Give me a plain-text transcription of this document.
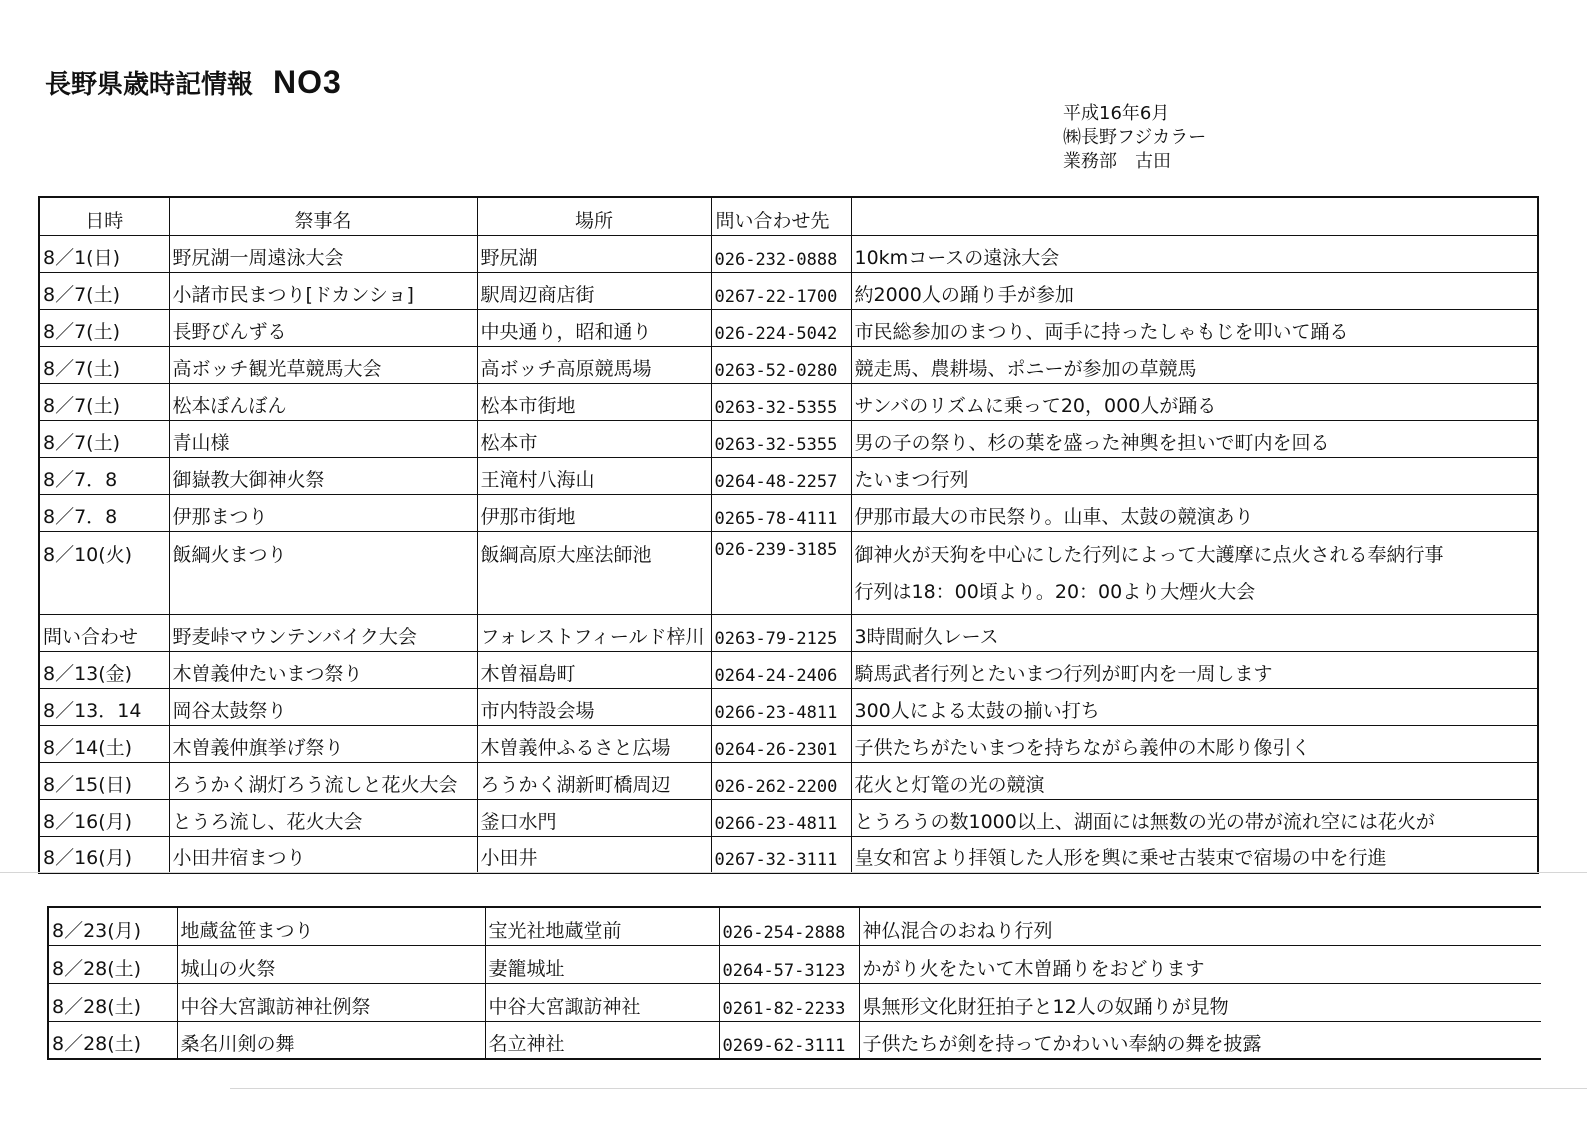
長野県歳時記情報 NO3
平成16年6月
㈱長野フジカラー
業務部　古田
日時	祭事名	場所	問い合わせ先	
8／1(日)	野尻湖一周遠泳大会	野尻湖	026-232-0888	10kmコースの遠泳大会
8／7(土)	小諸市民まつり[ドカンショ]	駅周辺商店街	0267-22-1700	約2000人の踊り手が参加
8／7(土)	長野びんずる	中央通り，昭和通り	026-224-5042	市民総参加のまつり、両手に持ったしゃもじを叩いて踊る
8／7(土)	高ボッチ観光草競馬大会	高ボッチ高原競馬場	0263-52-0280	競走馬、農耕場、ポニーが参加の草競馬
8／7(土)	松本ぼんぼん	松本市街地	0263-32-5355	サンバのリズムに乗って20，000人が踊る
8／7(土)	青山様	松本市	0263-32-5355	男の子の祭り、杉の葉を盛った神輿を担いで町内を回る
8／7．8	御嶽教大御神火祭	王滝村八海山	0264-48-2257	たいまつ行列
8／7．8	伊那まつり	伊那市街地	0265-78-4111	伊那市最大の市民祭り。山車、太鼓の競演あり
8／10(火)	飯綱火まつり	飯綱高原大座法師池	026-239-3185	御神火が天狗を中心にした行列によって大護摩に点火される奉納行事
行列は18：00頃より。20：00より大煙火大会

問い合わせ	野麦峠マウンテンバイク大会	フォレストフィールド梓川	0263-79-2125	3時間耐久レース
8／13(金)	木曽義仲たいまつ祭り	木曽福島町	0264-24-2406	騎馬武者行列とたいまつ行列が町内を一周します
8／13．14	岡谷太鼓祭り	市内特設会場	0266-23-4811	300人による太鼓の揃い打ち
8／14(土)	木曽義仲旗挙げ祭り	木曽義仲ふるさと広場	0264-26-2301	子供たちがたいまつを持ちながら義仲の木彫り像引く
8／15(日)	ろうかく湖灯ろう流しと花火大会	ろうかく湖新町橋周辺	026-262-2200	花火と灯篭の光の競演
8／16(月)	とうろ流し、花火大会	釜口水門	0266-23-4811	とうろうの数1000以上、湖面には無数の光の帯が流れ空には花火が
8／16(月)	小田井宿まつり	小田井	0267-32-3111	皇女和宮より拝領した人形を輿に乗せ古装束で宿場の中を行進
8／23(月)	地蔵盆笹まつり	宝光社地蔵堂前	026-254-2888	神仏混合のおねり行列
8／28(土)	城山の火祭	妻籠城址	0264-57-3123	かがり火をたいて木曽踊りをおどります
8／28(土)	中谷大宮諏訪神社例祭	中谷大宮諏訪神社	0261-82-2233	県無形文化財狂拍子と12人の奴踊りが見物
8／28(土)	桑名川剣の舞	名立神社	0269-62-3111	子供たちが剣を持ってかわいい奉納の舞を披露
